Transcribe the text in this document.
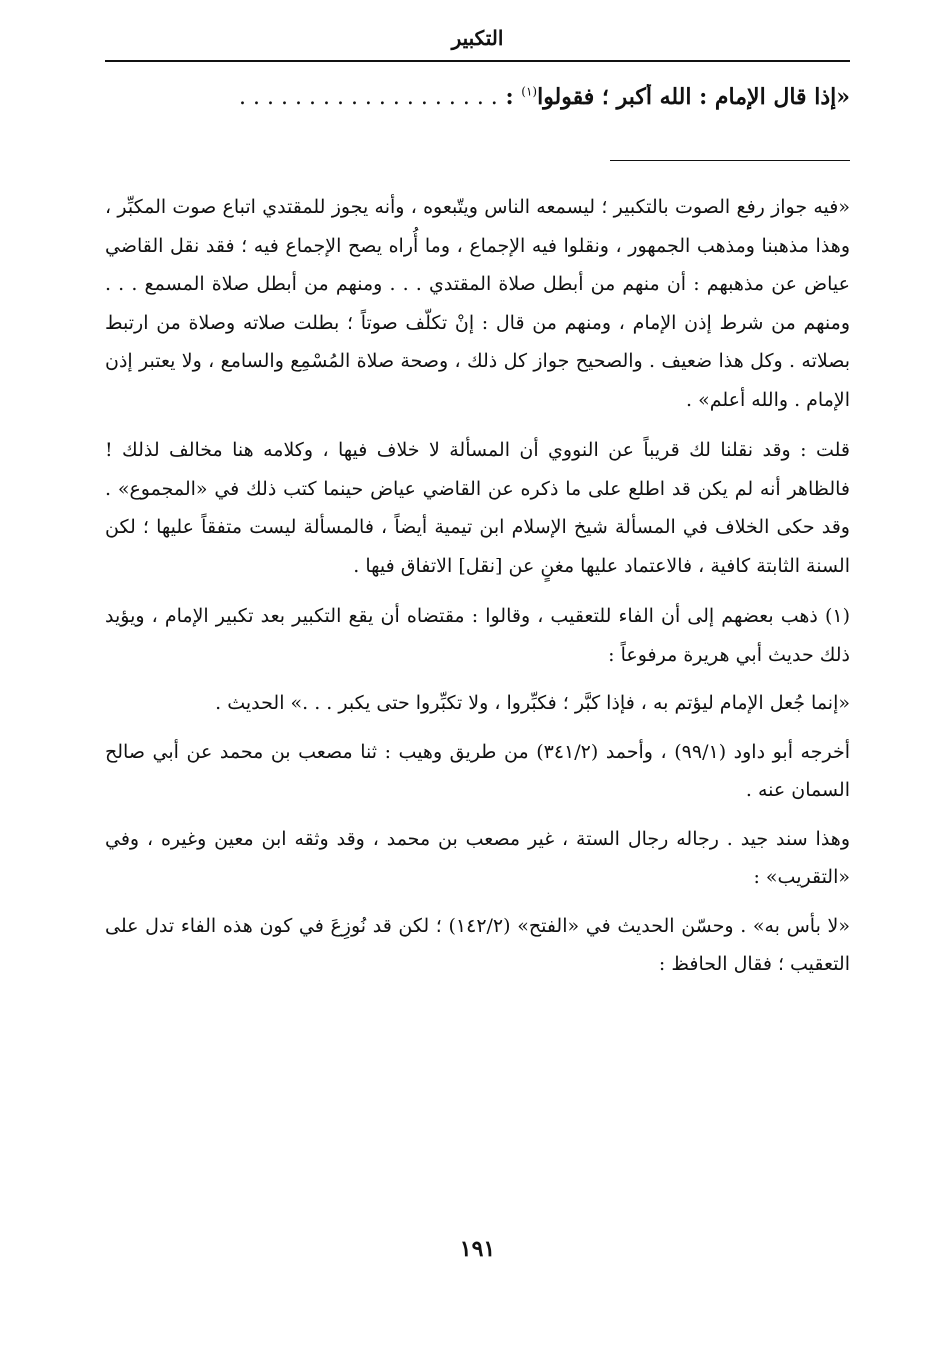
التكبير
«إذا قال الإمام : الله أكبر ؛ فقولوا$^{(١)}$ : . . . . . . . . . . . . . . . . . . .

«فيه جواز رفع الصوت بالتكبير ؛ ليسمعه الناس ويتّبعوه ، وأنه يجوز للمقتدي اتباع صوت المكبِّر ، وهذا مذهبنا ومذهب الجمهور ، ونقلوا فيه الإجماع ، وما أُراه يصح الإجماع فيه ؛ فقد نقل القاضي عياض عن مذهبهم : أن منهم من أبطل صلاة المقتدي . . . ومنهم من أبطل صلاة المسمع . . . ومنهم من شرط إذن الإمام ، ومنهم من قال : إنْ تكلّف صوتاً ؛ بطلت صلاته وصلاة من ارتبط بصلاته . وكل هذا ضعيف . والصحيح جواز كل ذلك ، وصحة صلاة المُسْمِع والسامع ، ولا يعتبر إذن الإمام . والله أعلم» .

قلت : وقد نقلنا لك قريباً عن النووي أن المسألة لا خلاف فيها ، وكلامه هنا مخالف لذلك ! فالظاهر أنه لم يكن قد اطلع على ما ذكره عن القاضي عياض حينما كتب ذلك في «المجموع» . وقد حكى الخلاف في المسألة شيخ الإسلام ابن تيمية أيضاً ، فالمسألة ليست متفقاً عليها ؛ لكن السنة الثابتة كافية ، فالاعتماد عليها مغنٍ عن [نقل] الاتفاق فيها .

(١) ذهب بعضهم إلى أن الفاء للتعقيب ، وقالوا : مقتضاه أن يقع التكبير بعد تكبير الإمام ، ويؤيد ذلك حديث أبي هريرة مرفوعاً :

«إنما جُعل الإمام ليؤتم به ، فإذا كبَّر ؛ فكبِّروا ، ولا تكبِّروا حتى يكبر . . .» الحديث .

أخرجه أبو داود (٩٩/١) ، وأحمد (٣٤١/٢) من طريق وهيب : ثنا مصعب بن محمد عن أبي صالح السمان عنه .

وهذا سند جيد . رجاله رجال الستة ، غير مصعب بن محمد ، وقد وثقه ابن معين وغيره ، وفي «التقريب» :

«لا بأس به» . وحسّن الحديث في «الفتح» (١٤٢/٢) ؛ لكن قد نُوزِعَ في كون هذه الفاء تدل على التعقيب ؛ فقال الحافظ :

١٩١
